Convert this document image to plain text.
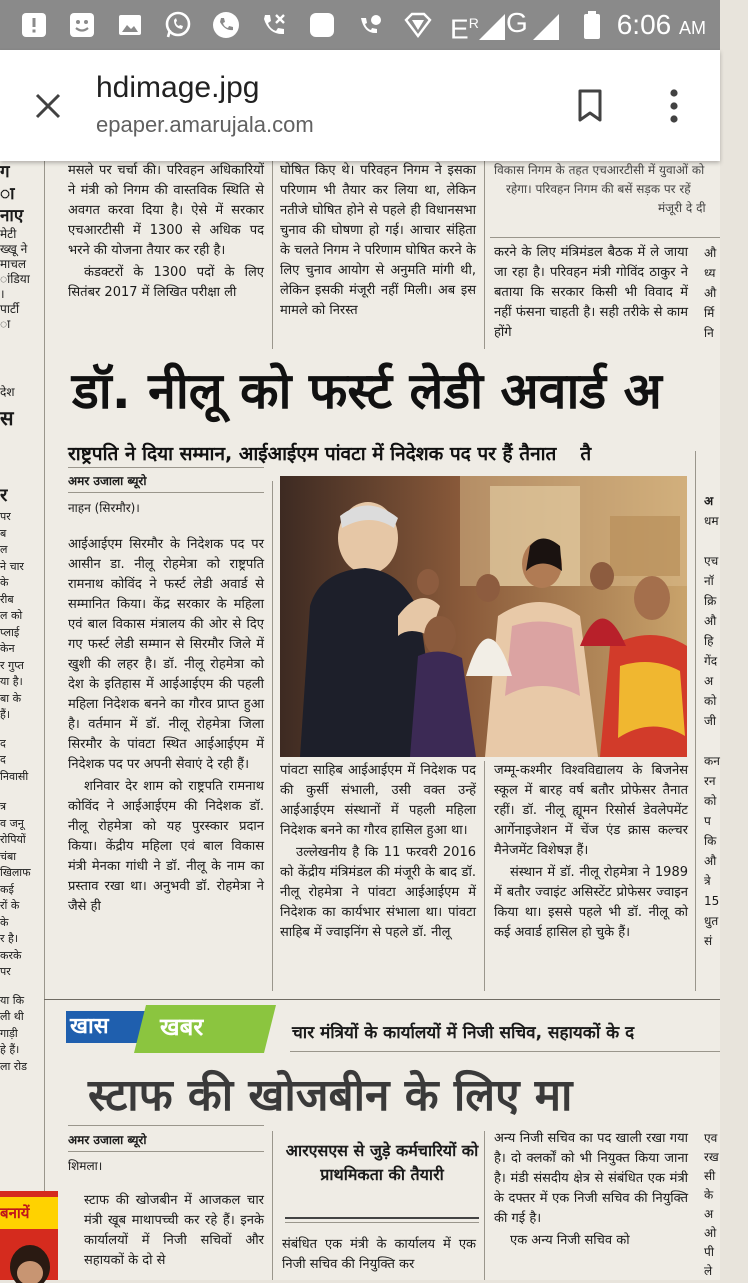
$E^R$ G	6:06 AM
hdimage.jpg
epaper.amarujala.com
ग
ा
नाए
मेटी
ख्खू ने
माचल
ांडिया
।
पार्टी
ा
देश
स

मसले पर चर्चा की। परिवहन अधिकारियों ने मंत्री को निगम की वास्तविक स्थिति से अवगत करवा दिया है। ऐसे में सरकार एचआरटीसी में 1300 से अधिक पद भरने की योजना तैयार कर रही है।

कंडक्टरों के 1300 पदों के लिए सितंबर 2017 में लिखित परीक्षा ली

घोषित किए थे। परिवहन निगम ने इसका परिणाम भी तैयार कर लिया था, लेकिन नतीजे घोषित होने से पहले ही विधानसभा चुनाव की घोषणा हो गई। आचार संहिता के चलते निगम ने परिणाम घोषित करने के लिए चुनाव आयोग से अनुमति मांगी थी, लेकिन इसकी मंजूरी नहीं मिली। अब इस मामले को निरस्त

विकास निगम के तहत एचआरटीसी में युवाओं को
रहेगा। परिवहन निगम की बसें सड़क पर रहें
मंजूरी दे दी

करने के लिए मंत्रिमंडल बैठक में ले जाया जा रहा है। परिवहन मंत्री गोविंद ठाकुर ने बताया कि सरकार किसी भी विवाद में नहीं फंसना चाहती है। सही तरीके से काम होंगे

औ
ध्य
औ
र्मि
नि
डॉ. नीलू को फर्स्ट लेडी अवार्ड अ
राष्ट्रपति ने दिया सम्मान, आईआईएम पांवटा में निदेशक पद पर हैं तैनात तै
अमर उजाला ब्यूरो
नाहन (सिरमौर)।
र
पर
ब
ल
ने चार
के
रीब
ल को
प्लाई
केन
र गुप्त
या है।
बा के
हैं।
द
द
निवासी
त्र
व जनू
रोपियों
चंबा
खिलाफ
कई
रों के
के
र है।
करके
पर
या कि
ली थी
गाड़ी
हे हैं।
ला रोड

आईआईएम सिरमौर के निदेशक पद पर आसीन डा. नीलू रोहमेत्रा को राष्ट्रपति रामनाथ कोविंद ने फर्स्ट लेडी अवार्ड से सम्मानित किया। केंद्र सरकार के महिला एवं बाल विकास मंत्रालय की ओर से दिए गए फर्स्ट लेडी सम्मान से सिरमौर जिले में खुशी की लहर है। डॉ. नीलू रोहमेत्रा को देश के इतिहास में आईआईएम की पहली महिला निदेशक बनने का गौरव प्राप्त हुआ है। वर्तमान में डॉ. नीलू रोहमेत्रा जिला सिरमौर के पांवटा स्थित आईआईएम में निदेशक पद पर अपनी सेवाएं दे रही हैं।

शनिवार देर शाम को राष्ट्रपति रामनाथ कोविंद ने आईआईएम की निदेशक डॉ. नीलू रोहमेत्रा को यह पुरस्कार प्रदान किया। केंद्रीय महिला एवं बाल विकास मंत्री मेनका गांधी ने डॉ. नीलू के नाम का प्रस्ताव रखा था। अनुभवी डॉ. रोहमेत्रा ने जैसे ही

पांवटा साहिब आईआईएम में निदेशक पद की कुर्सी संभाली, उसी वक्त उन्हें आईआईएम संस्थानों में पहली महिला निदेशक बनने का गौरव हासिल हुआ था।

उल्लेखनीय है कि 11 फरवरी 2016 को केंद्रीय मंत्रिमंडल की मंजूरी के बाद डॉ. नीलू रोहमेत्रा ने पांवटा आईआईएम में निदेशक का कार्यभार संभाला था। पांवटा साहिब में ज्वाइनिंग से पहले डॉ. नीलू

जम्मू-कश्मीर विश्वविद्यालय के बिजनेस स्कूल में बारह वर्ष बतौर प्रोफेसर तैनात रहीं। डॉ. नीलू ह्यूमन रिसोर्स डेवलेपमेंट आर्गेनाइजेशन में चेंज एंड क्रास कल्चर मैनेजमेंट विशेषज्ञ हैं।

संस्थान में डॉ. नीलू रोहमेत्रा ने 1989 में बतौर ज्वाइंट असिस्टेंट प्रोफेसर ज्वाइन किया था। इससे पहले भी डॉ. नीलू को कई अवार्ड हासिल हो चुके हैं।

अ
धम
एच
नॉ
क्रि
औ
हि
गेंद
अ
को
जी
कन
रन
को
प
कि
औ
त्रे
15
धुत
सं
खास खबर	चार मंत्रियों के कार्यालयों में निजी सचिव, सहायकों के द
स्टाफ की खोजबीन के लिए मा
अमर उजाला ब्यूरो
शिमला।
आरएसएस से जुड़े कर्मचारियों को प्राथमिकता की तैयारी

स्टाफ की खोजबीन में आजकल चार मंत्री खूब माथापच्ची कर रहे हैं। इनके कार्यालयों में निजी सचिवों और सहायकों के दो से

संबंधित एक मंत्री के कार्यालय में एक निजी सचिव की नियुक्ति कर

अन्य निजी सचिव का पद खाली रखा गया है। दो क्लर्कों को भी नियुक्त किया जाना है। मंडी संसदीय क्षेत्र से संबंधित एक मंत्री के दफ्तर में एक निजी सचिव की नियुक्ति की गई है।

एक अन्य निजी सचिव को

एव
रख
सी
के
अ
ओ
पी
ले
बनायें
